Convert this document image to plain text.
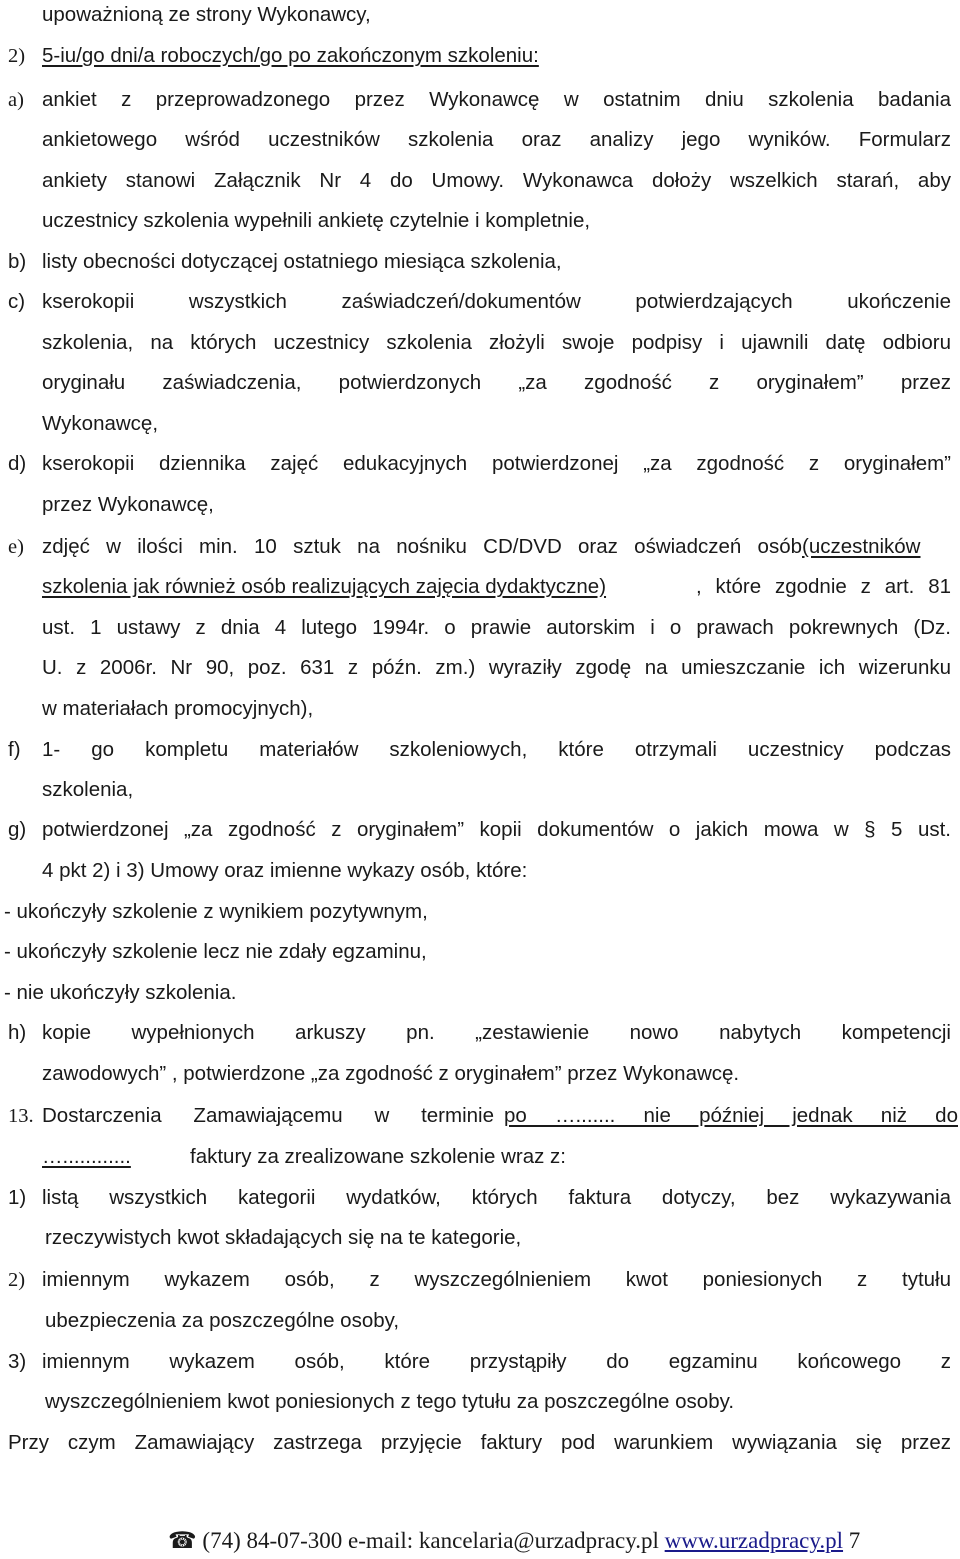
upoważnioną ze strony Wykonawcy,
2) 5-iu/go dni/a roboczych/go po zakończonym szkoleniu:
a) ankiet z przeprowadzonego przez Wykonawcę w ostatnim dniu szkolenia badania
ankietowego wśród uczestników szkolenia oraz analizy jego wyników. Formularz
ankiety stanowi Załącznik Nr 4 do Umowy. Wykonawca dołoży wszelkich starań, aby
uczestnicy szkolenia wypełnili ankietę czytelnie i kompletnie,
b) listy obecności dotyczącej ostatniego miesiąca szkolenia,
c) kserokopii wszystkich zaświadczeń/dokumentów potwierdzających ukończenie
szkolenia, na których uczestnicy szkolenia złożyli swoje podpisy i ujawnili datę odbioru
oryginału zaświadczenia, potwierdzonych „za zgodność z oryginałem” przez
Wykonawcę,
d) kserokopii dziennika zajęć edukacyjnych potwierdzonej „za zgodność z oryginałem”
przez Wykonawcę,
e) zdjęć w ilości min. 10 sztuk na nośniku CD/DVD oraz oświadczeń osób (uczestników
szkolenia jak również osób realizujących zajęcia dydaktyczne)	, które zgodnie z art. 81
ust. 1 ustawy z dnia 4 lutego 1994r. o prawie autorskim i o prawach pokrewnych (Dz.
U. z 2006r. Nr 90, poz. 631 z późn. zm.) wyraziły zgodę na umieszczanie ich wizerunku
w materiałach promocyjnych),
f) 1- go kompletu materiałów szkoleniowych, które otrzymali uczestnicy podczas
szkolenia,
g) potwierdzonej „za zgodność z oryginałem” kopii dokumentów o jakich mowa w § 5 ust.
4 pkt 2) i 3) Umowy oraz imienne wykazy osób, które:
- ukończyły szkolenie z wynikiem pozytywnym,
- ukończyły szkolenie lecz nie zdały egzaminu,
- nie ukończyły szkolenia.
h) kopie wypełnionych arkuszy pn. „zestawienie nowo nabytych kompetencji
zawodowych” , potwierdzone „za zgodność z oryginałem” przez Wykonawcę.
13. Dostarczenia Zamawiającemu w terminie po …....... nie później jednak niż do
…............	faktury za zrealizowane szkolenie wraz z:
1) listą wszystkich kategorii wydatków, których faktura dotyczy, bez wykazywania
rzeczywistych kwot składających się na te kategorie,
2) imiennym wykazem osób, z wyszczególnieniem kwot poniesionych z tytułu
ubezpieczenia za poszczególne osoby,
3) imiennym wykazem osób, które przystąpiły do egzaminu końcowego z
wyszczególnieniem kwot poniesionych z tego tytułu za poszczególne osoby.
Przy czym Zamawiający zastrzega przyjęcie faktury pod warunkiem wywiązania się przez
☎ (74) 84-07-300 e-mail: kancelaria@urzadpracy.pl www.urzadpracy.pl 7
